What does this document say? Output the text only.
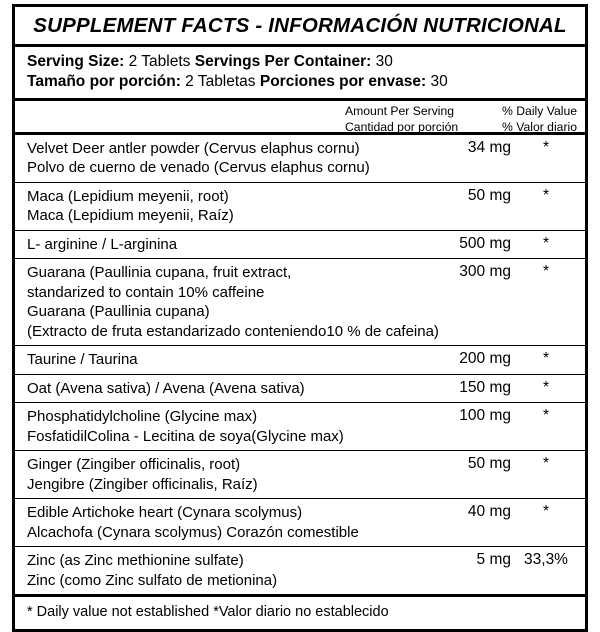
SUPPLEMENT FACTS - INFORMACIÓN NUTRICIONAL
Serving Size: 2 Tablets Servings Per Container: 30
Tamaño por porción: 2 Tabletas Porciones por envase: 30
Amount Per Serving
Cantidad por porción
% Daily Value
% Valor diario
Velvet Deer antler powder (Cervus elaphus cornu)
Polvo de cuerno de venado (Cervus elaphus cornu)
34 mg	*
Maca (Lepidium meyenii, root)
Maca (Lepidium meyenii, Raíz)
50 mg	*
L- arginine / L-arginina	500 mg	*
Guarana (Paullinia cupana, fruit extract,
standarized to contain 10% caffeine
Guarana (Paullinia cupana)
(Extracto de fruta estandarizado conteniendo10 % de cafeina)
300 mg	*
Taurine / Taurina	200 mg	*
Oat (Avena sativa) / Avena (Avena sativa)	150 mg	*
Phosphatidylcholine (Glycine max)
FosfatidilColina - Lecitina de soya(Glycine max)
100 mg	*
Ginger (Zingiber officinalis, root)
Jengibre (Zingiber officinalis, Raíz)
50 mg	*
Edible Artichoke heart (Cynara scolymus)
Alcachofa (Cynara scolymus) Corazón comestible
40 mg	*
Zinc (as Zinc methionine sulfate)
Zinc (como Zinc sulfato de metionina)
5 mg 33,3%
* Daily value not established *Valor diario no establecido
